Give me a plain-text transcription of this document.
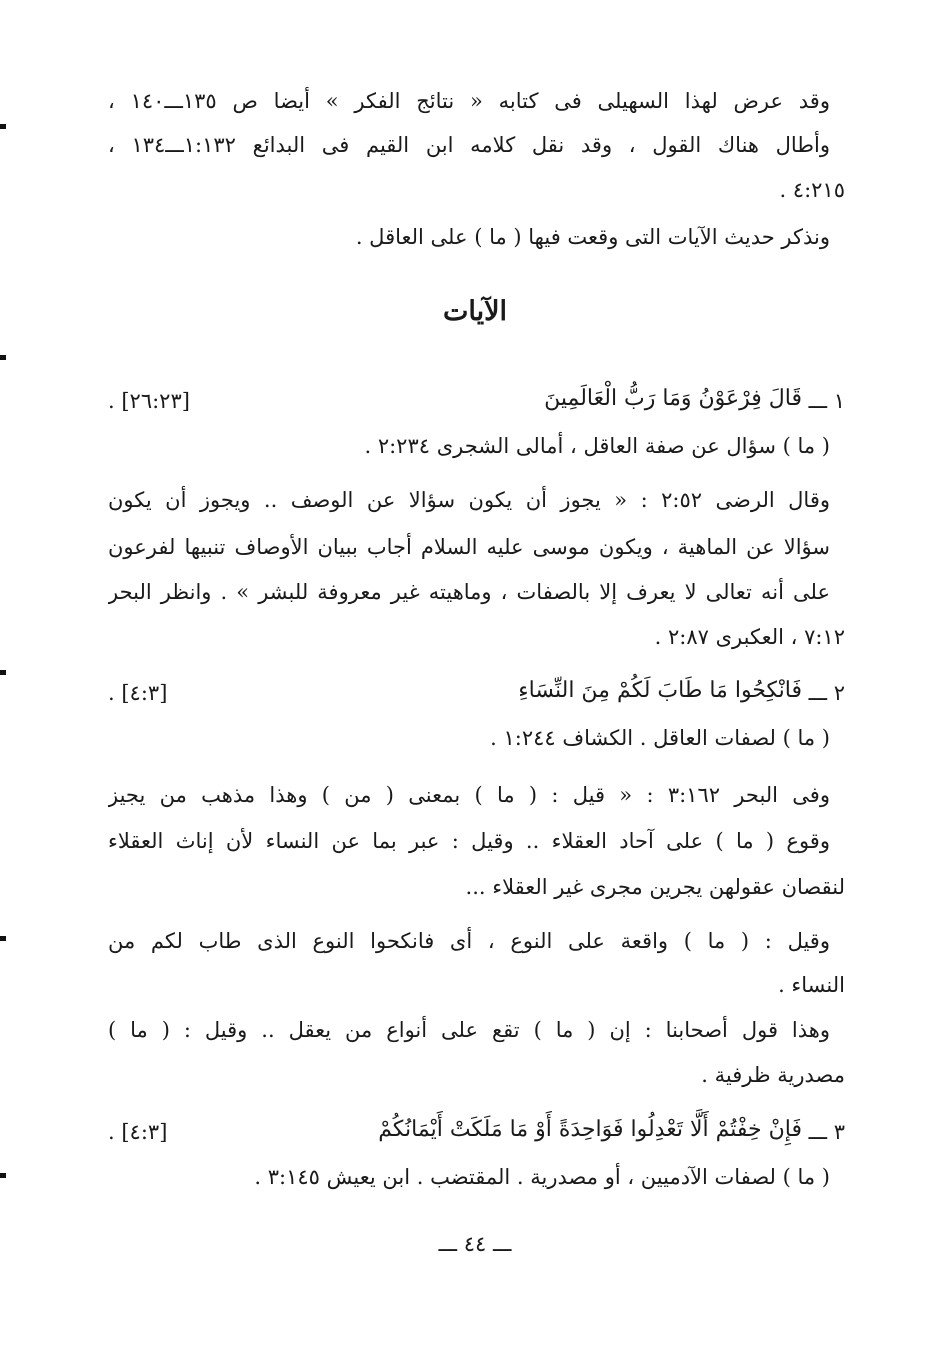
وقد عرض لهذا السهيلى فى كتابه « نتائج الفكر » أيضا ص ١٣٥ـــ١٤٠ ،
وأطال هناك القول ، وقد نقل كلامه ابن القيم فى البدائع ١:١٣٢ـــ١٣٤ ،
٤:٢١٥ .
ونذكر حديث الآيات التى وقعت فيها ( ما ) على العاقل .
الآيات
١ ـــ
قَالَ فِرْعَوْنُ وَمَا رَبُّ الْعَالَمِينَ
. [٢٦:٢٣]
( ما ) سؤال عن صفة العاقل ، أمالى الشجرى ٢:٢٣٤ .
وقال الرضى ٢:٥٢ : « يجوز أن يكون سؤالا عن الوصف .. ويجوز أن يكون
سؤالا عن الماهية ، ويكون موسى عليه السلام أجاب ببيان الأوصاف تنبيها لفرعون
على أنه تعالى لا يعرف إلا بالصفات ، وماهيته غير معروفة للبشر » . وانظر البحر
٧:١٢ ، العكبرى ٢:٨٧ .
٢ ـــ
فَانْكِحُوا مَا طَابَ لَكُمْ مِنَ النِّسَاءِ
. [٤:٣]
( ما ) لصفات العاقل . الكشاف ١:٢٤٤ .
وفى البحر ٣:١٦٢ : « قيل : ( ما ) بمعنى ( من ) وهذا مذهب من يجيز
وقوع ( ما ) على آحاد العقلاء .. وقيل : عبر بما عن النساء لأن إناث العقلاء
لنقصان عقولهن يجرين مجرى غير العقلاء ...
وقيل : ( ما ) واقعة على النوع ، أى فانكحوا النوع الذى طاب لكم من
النساء .
وهذا قول أصحابنا : إن ( ما ) تقع على أنواع من يعقل .. وقيل : ( ما )
مصدرية ظرفية .
٣ ـــ
فَإِنْ خِفْتُمْ أَلَّا تَعْدِلُوا فَوَاحِدَةً أَوْ مَا مَلَكَتْ أَيْمَانُكُمْ
. [٤:٣]
( ما ) لصفات الآدميين ، أو مصدرية . المقتضب . ابن يعيش ٣:١٤٥ .
ـــ ٤٤ ـــ
